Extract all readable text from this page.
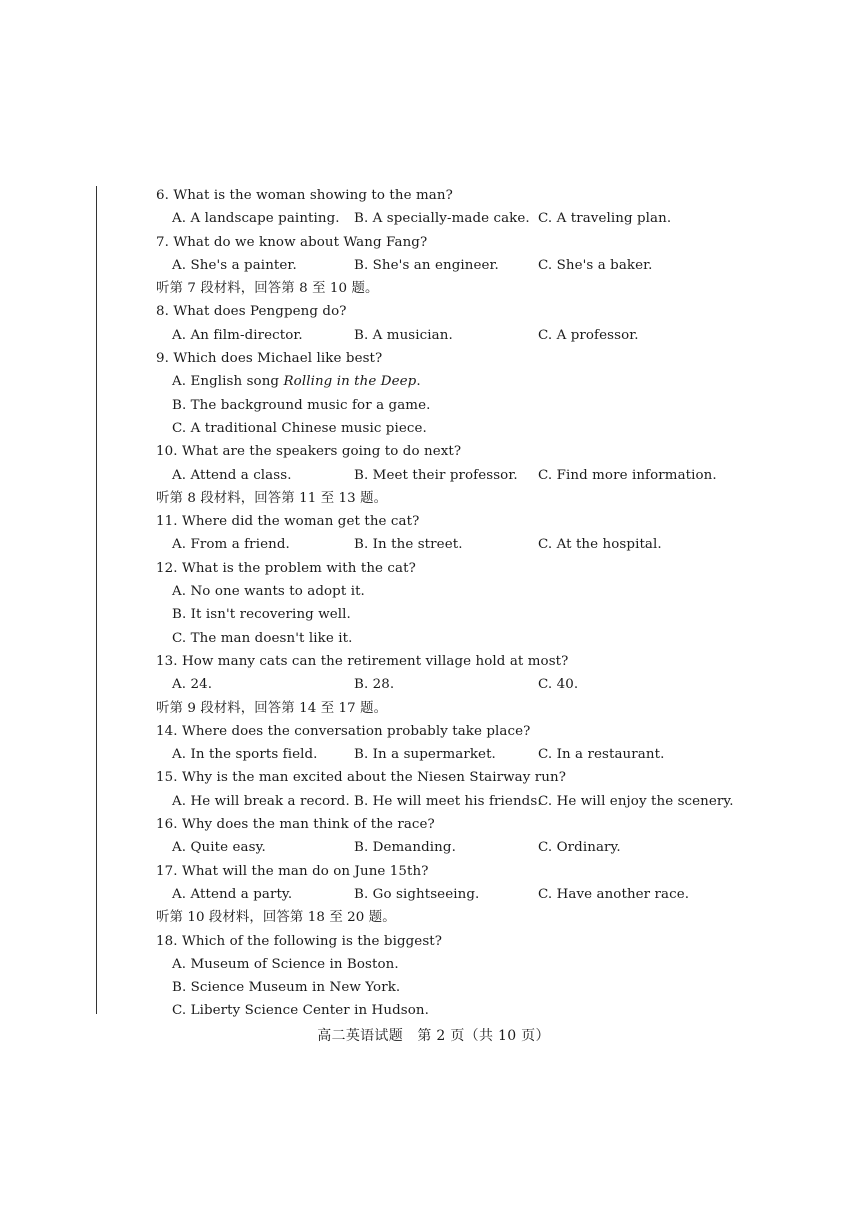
6. What is the woman showing to the man?
A. A landscape painting. B. A specially-made cake. C. A traveling plan.
7. What do we know about Wang Fang?
A. She's a painter.	B. She's an engineer.	C. She's a baker.
听第 7 段材料，回答第 8 至 10 题。
8. What does Pengpeng do?
A. An film-director.	B. A musician.	C. A professor.
9. Which does Michael like best?
A. English song Rolling in the Deep.
B. The background music for a game.
C. A traditional Chinese music piece.
10. What are the speakers going to do next?
A. Attend a class.	B. Meet their professor. C. Find more information.
听第 8 段材料，回答第 11 至 13 题。
11. Where did the woman get the cat?
A. From a friend.	B. In the street.	C. At the hospital.
12. What is the problem with the cat?
A. No one wants to adopt it.
B. It isn't recovering well.
C. The man doesn't like it.
13. How many cats can the retirement village hold at most?
A. 24.	B. 28.	C. 40.
听第 9 段材料，回答第 14 至 17 题。
14. Where does the conversation probably take place?
A. In the sports field.	B. In a supermarket.	C. In a restaurant.
15. Why is the man excited about the Niesen Stairway run?
A. He will break a record. B. He will meet his friends.
C. He will enjoy the scenery.
16. Why does the man think of the race?
A. Quite easy.	B. Demanding.	C. Ordinary.
17. What will the man do on June 15th?
A. Attend a party.	B. Go sightseeing.	C. Have another race.
听第 10 段材料，回答第 18 至 20 题。
18. Which of the following is the biggest?
A. Museum of Science in Boston.
B. Science Museum in New York.
C. Liberty Science Center in Hudson.
高二英语试题　第 2 页（共 10 页）
